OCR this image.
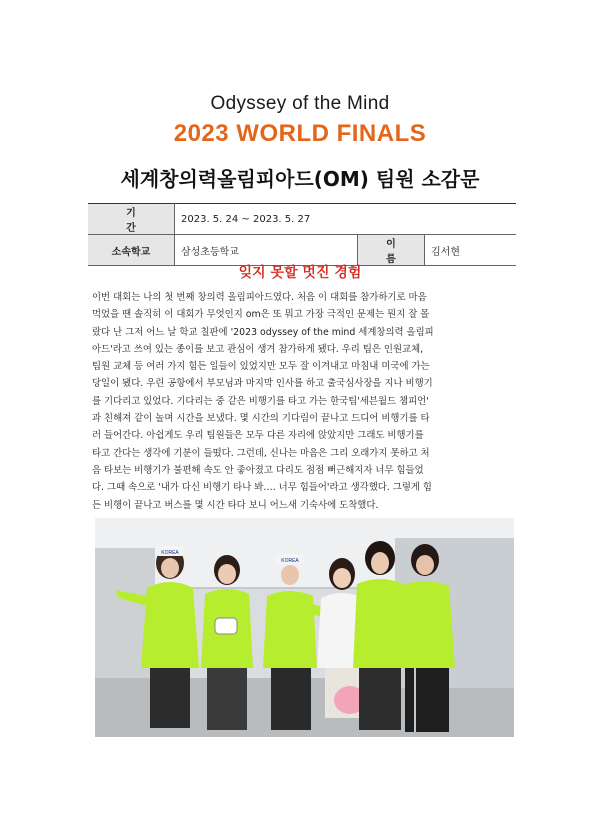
Odyssey of the Mind
2023 WORLD FINALS
세계창의력올림피아드(OM) 팀원 소감문
기 간	2023. 5. 24 ~ 2023. 5. 27		
소속학교	삼성초등학교	이 름	김서현
잊지 못할 멋진 경험
이번 대회는 나의 첫 번째 창의력 올림피아드였다. 처음 이 대회를 참가하기로 마음
먹었을 땐 솔직히 이 대회가 무엇인지 om은 또 뭐고 가장 극적인 문제는 뭔지 잘 몰
랐다 난 그저 어느 날 학교 칠판에 '2023 odyssey of the mind 세계창의력 올림피
아드'라고 쓰여 있는 종이를 보고 관심이 생겨 참가하게 됐다. 우리 팀은 인원교체,
팀원 교체 등 여러 가지 힘든 일들이 있었지만 모두 잘 이겨내고 마침내 미국에 가는
당일이 됐다. 우린 공항에서 부모님과 마지막 인사를 하고 출국심사장을 지나 비행기
를 기다리고 있었다. 기다리는 중 같은 비행기를 타고 가는 한국팀'세븐월드 챔피언'
과 친해져 같이 놀며 시간을 보냈다. 몇 시간의 기다림이 끝나고 드디어 비행기를 타
러 들어간다. 아쉽게도 우리 팀원들은 모두 다른 자리에 앉았지만 그래도 비행기를
타고 간다는 생각에 기분이 들떴다. 그런데, 신나는 마음은 그리 오래가지 못하고 처
음 타보는 비행기가 불편해 속도 안 좋아졌고 다리도 점점 뻐근해지자 너무 힘들었
다. 그때 속으로 '내가 다신 비행기 타나 봐…. 너무 힘들어'라고 생각했다. 그렇게 힘
든 비행이 끝나고 버스를 몇 시간 타다 보니 어느새 기숙사에 도착했다.
KOREA
KOREA
